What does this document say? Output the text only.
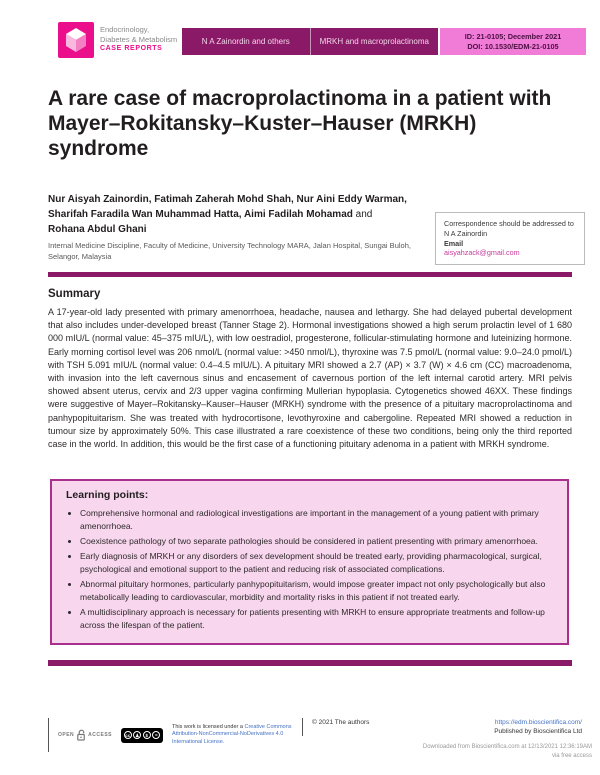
Endocrinology,
Diabetes & Metabolism
CASE REPORTS
N A Zainordin and others	MRKH and macroprolactinoma
ID: 21-0105; December 2021
DOI: 10.1530/EDM-21-0105
A rare case of macroprolactinoma in a patient with Mayer–Rokitansky–Kuster–Hauser (MRKH) syndrome
Nur Aisyah Zainordin, Fatimah Zaherah Mohd Shah, Nur Aini Eddy Warman,
Sharifah Faradila Wan Muhammad Hatta, Aimi Fadilah Mohamad and
Rohana Abdul Ghani
Internal Medicine Discipline, Faculty of Medicine, University Technology MARA, Jalan Hospital, Sungai Buloh, Selangor, Malaysia
Correspondence should be addressed to N A Zainordin
Email
aisyahzack@gmail.com
Summary
A 17-year-old lady presented with primary amenorrhoea, headache, nausea and lethargy. She had delayed pubertal development that also includes under-developed breast (Tanner Stage 2). Hormonal investigations showed a high serum prolactin level of 1 680 000 mIU/L (normal value: 45–375 mIU/L), with low oestradiol, progesterone, follicular-stimulating hormone and luteinizing hormone. Early morning cortisol level was 206 nmol/L (normal value: >450 nmol/L), thyroxine was 7.5 pmol/L (normal value: 9.0–24.0 pmol/L) with TSH 5.091 mIU/L (normal value: 0.4–4.5 mIU/L). A pituitary MRI showed a 2.7 (AP) × 3.7 (W) × 4.6 cm (CC) macroadenoma, with invasion into the left cavernous sinus and encasement of cavernous portion of the left internal carotid artery. MRI pelvis showed absent uterus, cervix and 2/3 upper vagina confirming Mullerian hypoplasia. Cytogenetics showed 46XX. These findings were suggestive of Mayer–Rokitansky–Kauser–Hauser (MRKH) syndrome with the presence of a pituitary macroprolactinoma and panhypopituitarism. She was treated with hydrocortisone, levothyroxine and cabergoline. Repeated MRI showed a reduction in tumour size by approximately 50%. This case illustrated a rare coexistence of these two conditions, being only the third reported case in the world. In addition, this would be the first case of a functioning pituitary adenoma in a patient with MRKH syndrome.
Learning points:
• Comprehensive hormonal and radiological investigations are important in the management of a young patient with primary amenorrhoea.
• Coexistence pathology of two separate pathologies should be considered in patient presenting with primary amenorrhoea.
• Early diagnosis of MRKH or any disorders of sex development should be treated early, providing pharmacological, surgical, psychological and emotional support to the patient and reducing risk of associated complications.
• Abnormal pituitary hormones, particularly panhypopituitarism, would impose greater impact not only psychologically but also metabolically leading to cardiovascular, morbidity and mortality risks in this patient if not treated early.
• A multidisciplinary approach is necessary for patients presenting with MRKH to ensure appropriate treatments and follow-up across the lifespan of the patient.
OPEN	ACCESS	cc	♟	$	=
This work is licensed under a Creative Commons Attribution-NonCommercial-NoDerivatives 4.0 International License.
© 2021 The authors	https://edm.bioscientifica.com/
Published by Bioscientifica Ltd
Downloaded from Bioscientifica.com at 12/13/2021 12:36:19AM
via free access
